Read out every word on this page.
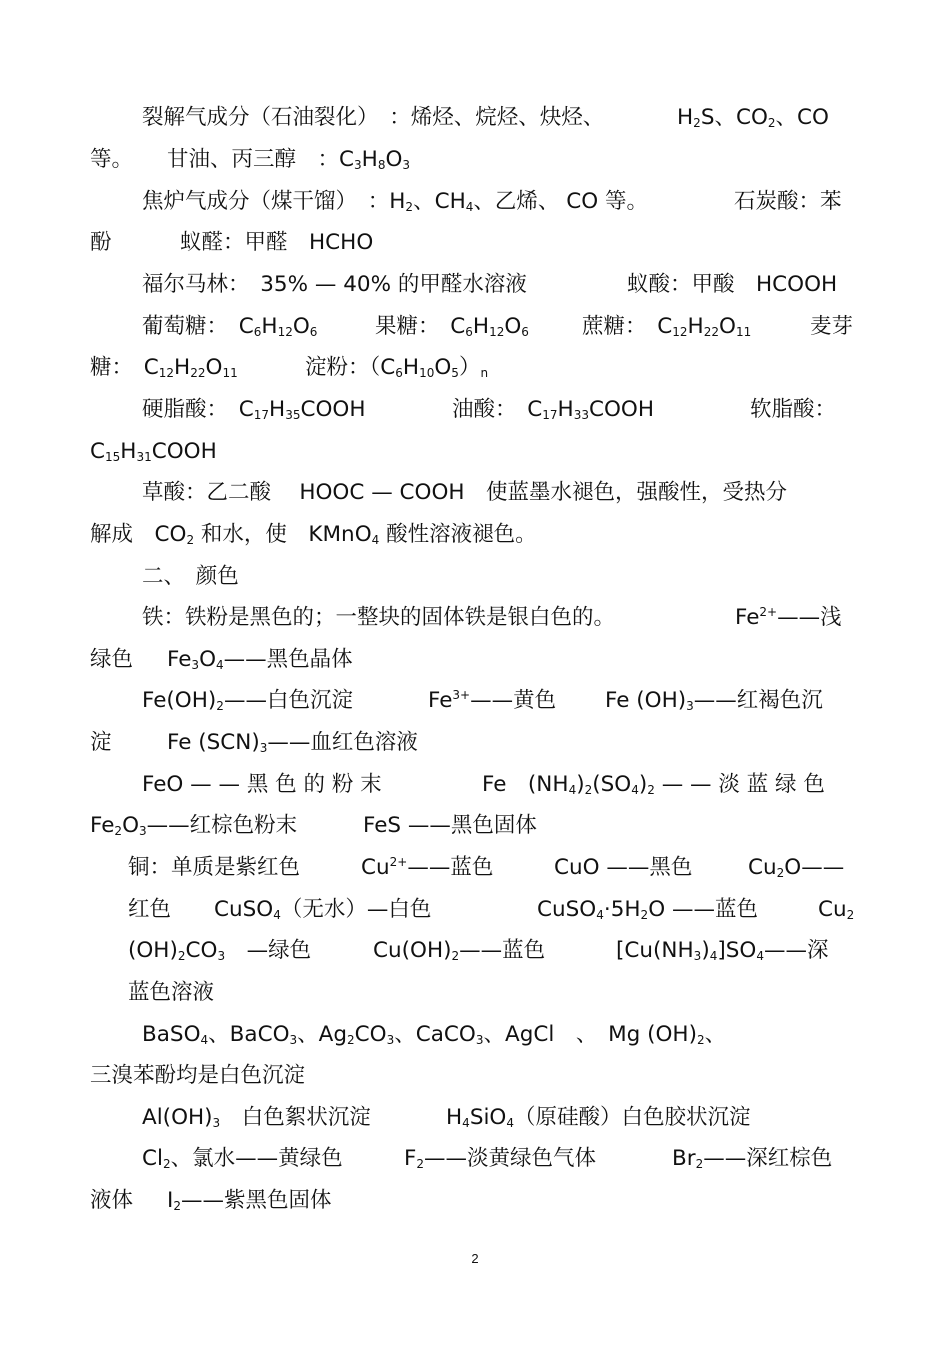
裂解气成分（石油裂化）　：烯烃、烷烃、炔烃、	$H_2S$、$CO_2$、CO
等。 甘油、丙三醇　：$C_3H_8O_3$
焦炉气成分（煤干馏）　：$H_2$、$CH_4$、乙烯、 CO 等。	石炭酸：苯
酚	蚁醛：甲醛　HCHO
福尔马林：　35% — 40% 的甲醛水溶液	蚁酸：甲酸　HCOOH
葡萄糖：　$C_6H_{12}O_6$	果糖：　$C_6H_{12}O_6$ 蔗糖：　$C_{12}H_{22}O_{11}$	麦芽
糖：　$C_{12}H_{22}O_{11}$	淀粉：$(C_6H_{10}O_5)_n$
硬脂酸：　$C_{17}H_{35}COOH$	油酸：　$C_{17}H_{33}COOH$	软脂酸：
$C_{15}H_{31}COOH$
草酸：乙二酸　 HOOC — COOH　使蓝墨水褪色，强酸性，受热分
解成　$CO_2$ 和水，使　KMnO$_4$ 酸性溶液褪色。
二、　颜色
铁：铁粉是黑色的；一整块的固体铁是银白色的。	$Fe^{2+}——$浅
绿色 $Fe_3O_4——$黑色晶体
$Fe(OH)_2——$白色沉淀	$Fe^{3+}——$黄色 Fe $(OH)_3——$红褐色沉
淀	Fe $(SCN)_3——$血红色溶液
FeO — — 黑 色 的 粉 末	Fe　$(NH_4)_2(SO_4)_2$ — — 淡 蓝 绿 色
$Fe_2O_3——$红棕色粉末	FeS ——黑色固体
铜：单质是紫红色	$Cu^{2+}——$蓝色	CuO ——黑色	$Cu_2O——$
红色 CuSO$_4$（无水）—白色	$CuSO_4\cdot 5H_2O$ ——蓝色	$Cu_2$
$(OH)_2CO_3$　—绿色	$Cu(OH)_2——$蓝色	$[Cu(NH_3)_4]SO_4——$深
蓝色溶液
BaSO$_4$、BaCO$_3$、$Ag_2CO_3$、CaCO$_3$、AgCl　、　Mg $(OH)_2$、
三溴苯酚均是白色沉淀
$Al(OH)_3$　白色絮状沉淀	$H_4SiO_4$（原硅酸）白色胶状沉淀
$Cl_2$、氯水——黄绿色	$F_2——$淡黄绿色气体	$Br_2——$深红棕色
液体 $I_2——$紫黑色固体
2
